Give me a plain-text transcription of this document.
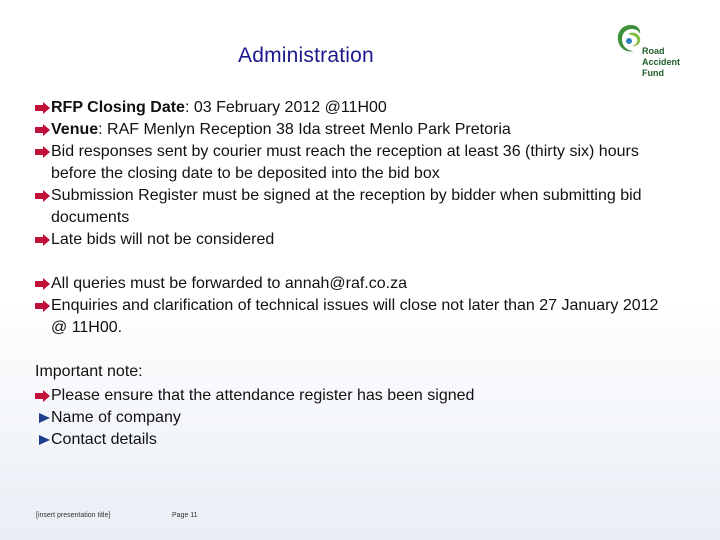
Administration	Road
Accident
Fund
RFP Closing Date: 03 February 2012 @11H00
Venue: RAF Menlyn Reception 38 Ida street Menlo Park Pretoria
Bid responses sent by courier must reach the reception at least 36 (thirty six) hours before the closing date to be deposited into the bid box
Submission Register must be signed at the reception by bidder when submitting bid documents
Late bids will not be considered
All queries must be forwarded to annah@raf.co.za
Enquiries and clarification of technical issues will close not later than 27 January 2012 @ 11H00.
Important note:
Please ensure that the attendance register has been signed
Name of company
Contact details
[insert presentation title]	Page 11
